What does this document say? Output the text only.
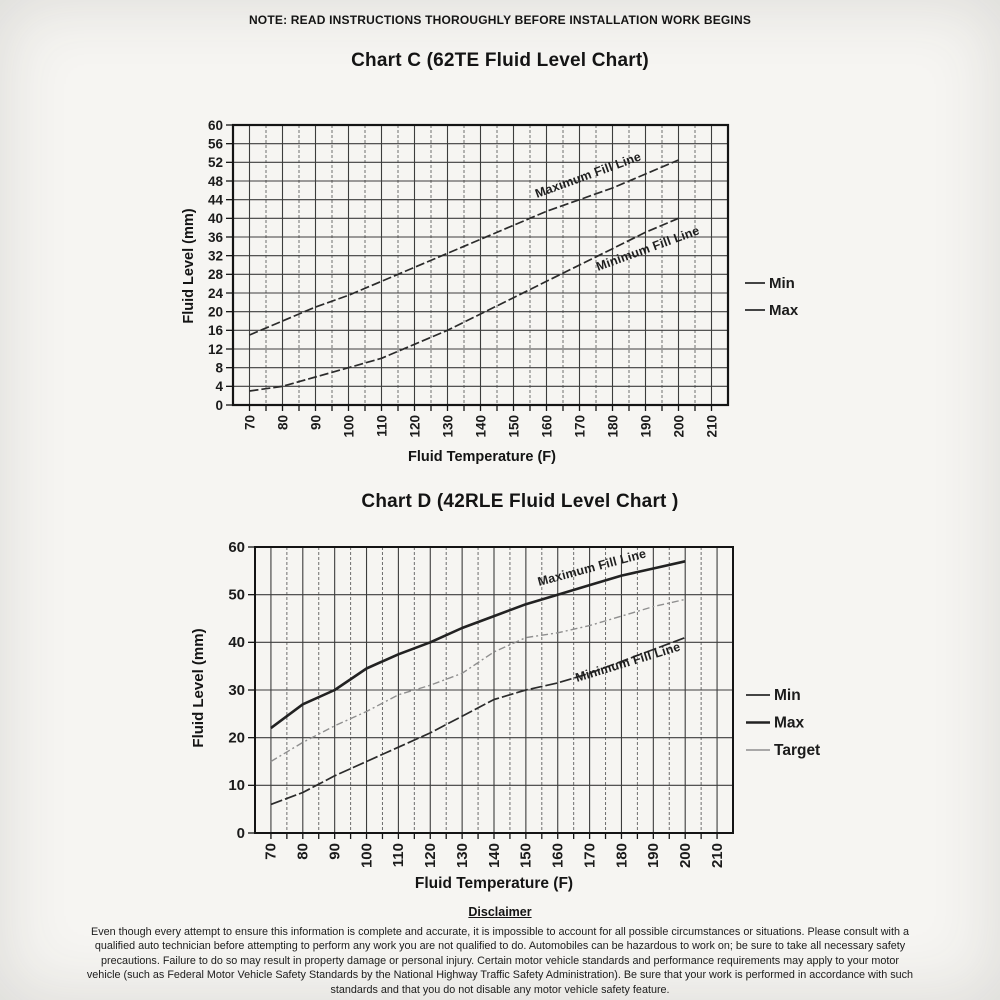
NOTE: READ INSTRUCTIONS THOROUGHLY BEFORE INSTALLATION WORK BEGINS
Chart C (62TE Fluid Level Chart)
Chart D (42RLE Fluid Level Chart )
70 80 90 100 110 120 130 140 150 160 170 180 190 200 210
0
4
8
12
16
20
24
28
32
36
40
44
48
52
56
60
Fluid Level (mm)
Fluid Temperature (F)
Maximum Fill Line
Minimum Fill Line
Min
Max
70 80 90 100 110 120 130 140 150 160 170 180 190 200 210
0
10
20
30
40
50
60
Fluid Level (mm)
Fluid Temperature (F)
Maximum Fill Line
Minimum Fill Line
Min
Max
Target
Disclaimer
Even though every attempt to ensure this information is complete and accurate, it is impossible to account for all possible circumstances or situations. Please consult with a qualified auto technician before attempting to perform any work you are not qualified to do. Automobiles can be hazardous to work on; be sure to take all necessary safety precautions. Failure to do so may result in property damage or personal injury. Certain motor vehicle standards and performance requirements may apply to your motor vehicle (such as Federal Motor Vehicle Safety Standards by the National Highway Traffic Safety Administration). Be sure that your work is performed in accordance with such standards and that you do not disable any motor vehicle safety feature.
